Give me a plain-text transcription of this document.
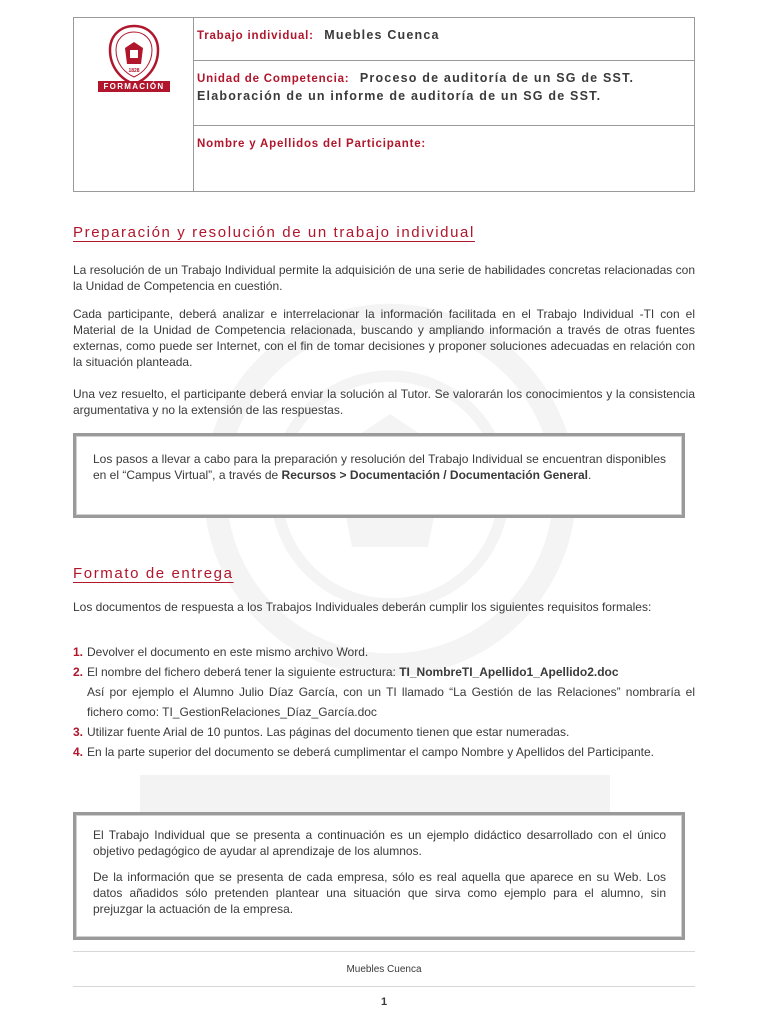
1828
FORMACIÓN
Trabajo individual: Muebles Cuenca
Unidad de Competencia: Proceso de auditoría de un SG de SST.
Elaboración de un informe de auditoría de un SG de SST.
Nombre y Apellidos del Participante:
Preparación y resolución de un trabajo individual

La resolución de un Trabajo Individual permite la adquisición de una serie de habilidades concretas relacionadas con la Unidad de Competencia en cuestión.

Cada participante, deberá analizar e interrelacionar la información facilitada en el Trabajo Individual -TI con el Material de la Unidad de Competencia relacionada, buscando y ampliando información a través de otras fuentes externas, como puede ser Internet, con el fin de tomar decisiones y proponer soluciones adecuadas en relación con la situación planteada.

Una vez resuelto, el participante deberá enviar la solución al Tutor. Se valorarán los conocimientos y la consistencia argumentativa y no la extensión de las respuestas.

Los pasos a llevar a cabo para la preparación y resolución del Trabajo Individual se encuentran disponibles en el “Campus Virtual”, a través de Recursos > Documentación / Documentación General.

Formato de entrega

Los documentos de respuesta a los Trabajos Individuales deberán cumplir los siguientes requisitos formales:

1. Devolver el documento en este mismo archivo Word.
2. El nombre del fichero deberá tener la siguiente estructura: TI_NombreTI_Apellido1_Apellido2.doc
Así por ejemplo el Alumno Julio Díaz García, con un TI llamado “La Gestión de las Relaciones” nombraría el fichero como: TI_GestionRelaciones_Díaz_García.doc
3. Utilizar fuente Arial de 10 puntos. Las páginas del documento tienen que estar numeradas.
4. En la parte superior del documento se deberá cumplimentar el campo Nombre y Apellidos del Participante.

El Trabajo Individual que se presenta a continuación es un ejemplo didáctico desarrollado con el único objetivo pedagógico de ayudar al aprendizaje de los alumnos.

De la información que se presenta de cada empresa, sólo es real aquella que aparece en su Web. Los datos añadidos sólo pretenden plantear una situación que sirva como ejemplo para el alumno, sin prejuzgar la actuación de la empresa.

Muebles Cuenca
1
